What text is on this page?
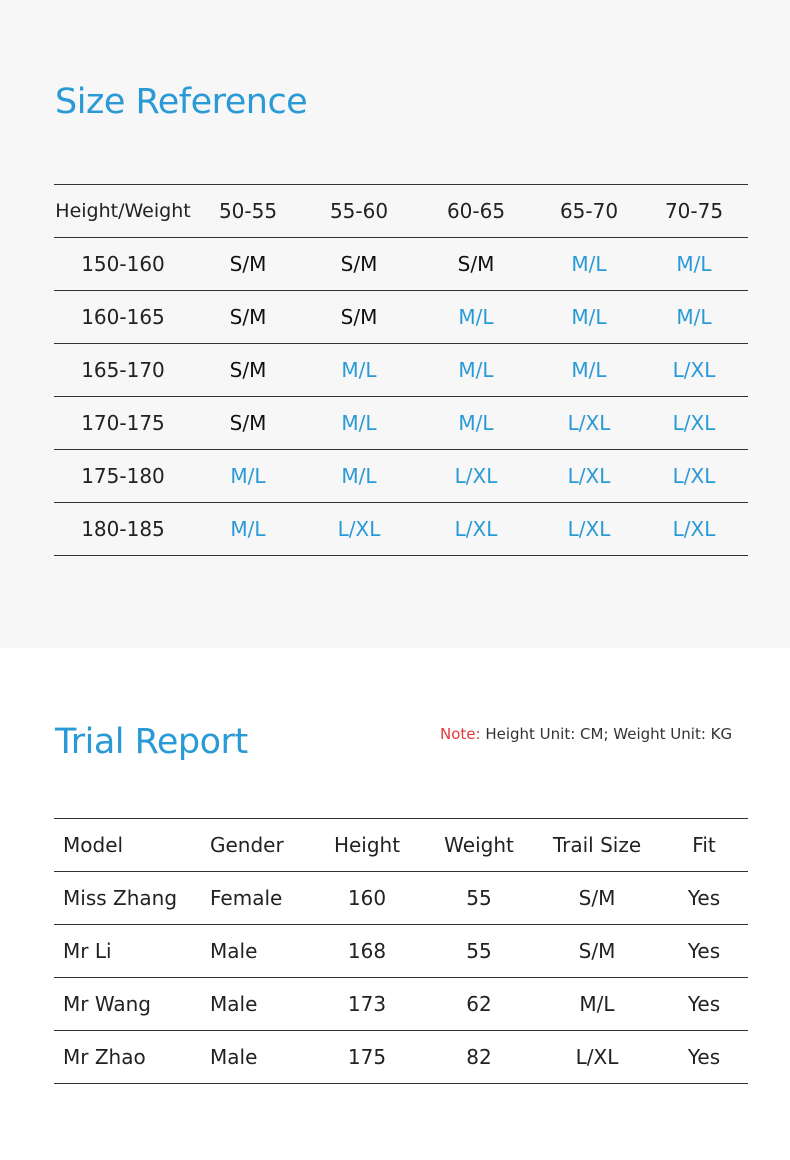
Size Reference
Height/Weight	50-55	55-60	60-65	65-70	70-75
150-160	S/M	S/M	S/M	M/L	M/L
160-165	S/M	S/M	M/L	M/L	M/L
165-170	S/M	M/L	M/L	M/L	L/XL
170-175	S/M	M/L	M/L	L/XL	L/XL
175-180	M/L	M/L	L/XL	L/XL	L/XL
180-185	M/L	L/XL	L/XL	L/XL	L/XL
Trial Report	Note: Height Unit: CM; Weight Unit: KG
Model	Gender	Height	Weight	Trail Size	Fit
Miss Zhang	Female	160	55	S/M	Yes
Mr Li	Male	168	55	S/M	Yes
Mr Wang	Male	173	62	M/L	Yes
Mr Zhao	Male	175	82	L/XL	Yes
